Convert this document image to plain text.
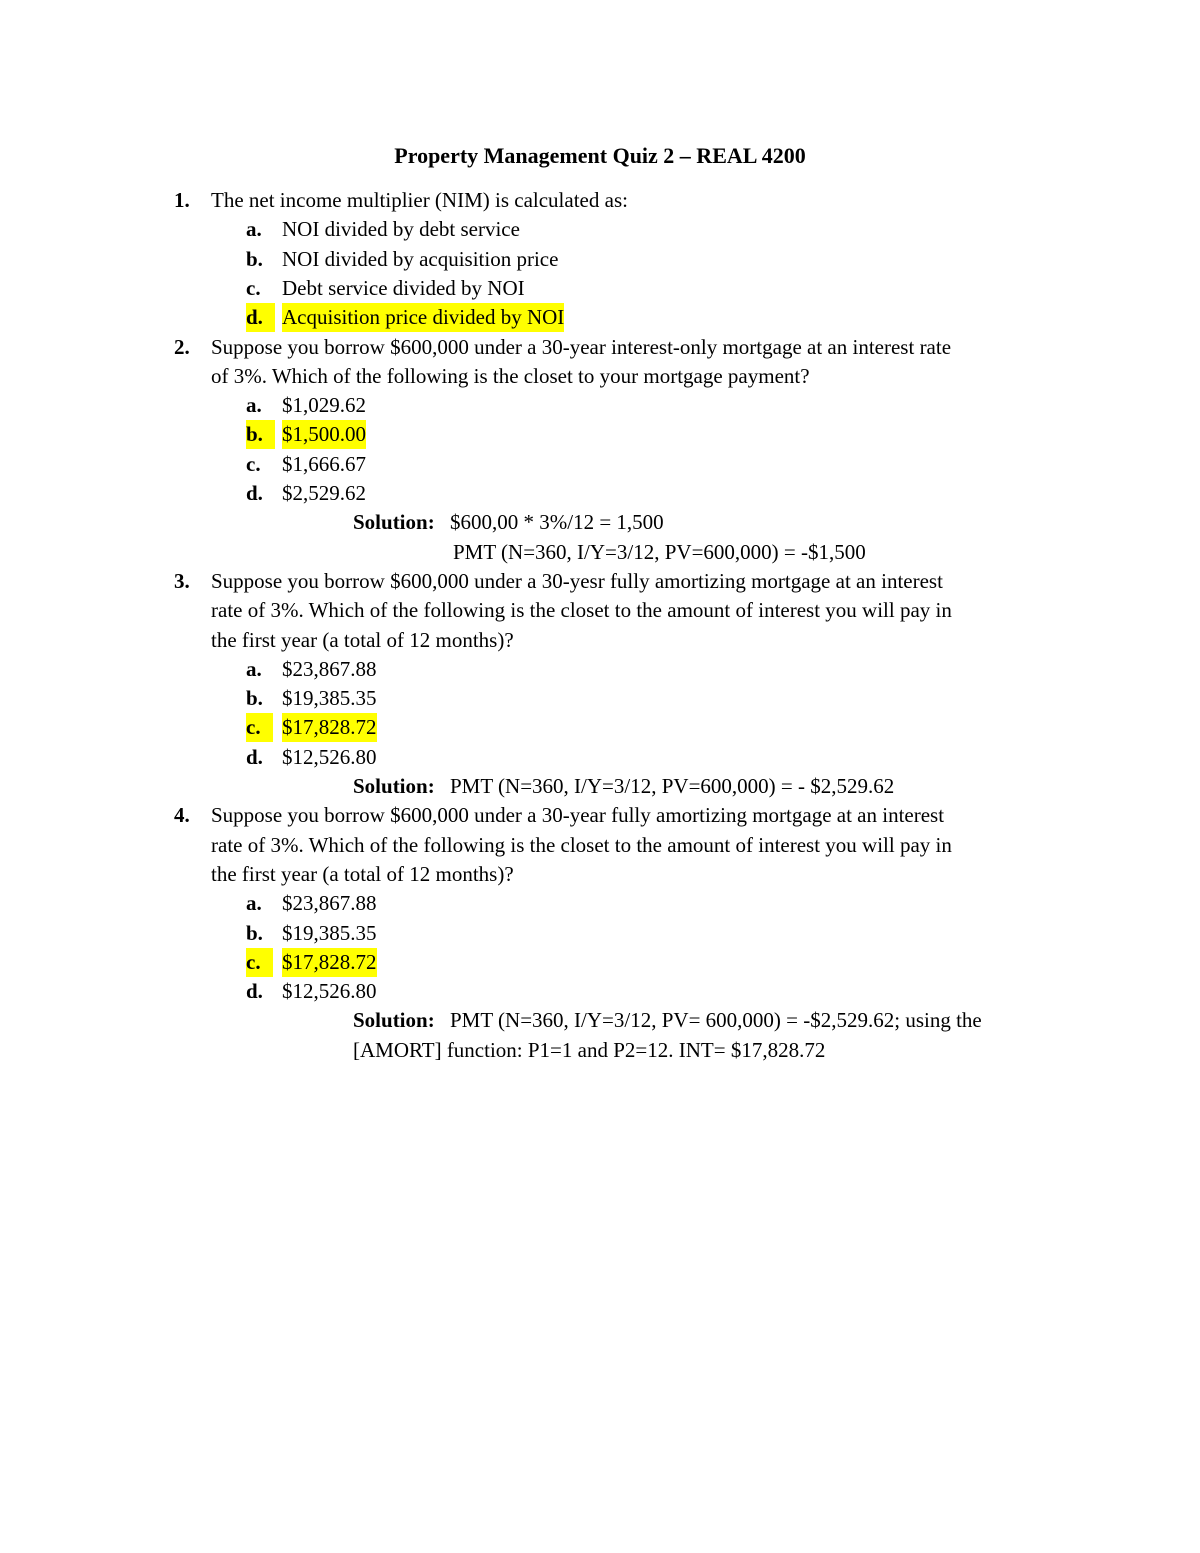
Property Management Quiz 2 – REAL 4200
1. The net income multiplier (NIM) is calculated as:
a. NOI divided by debt service
b. NOI divided by acquisition price
c. Debt service divided by NOI
d. Acquisition price divided by NOI
2. Suppose you borrow $600,000 under a 30-year interest-only mortgage at an interest rate
of 3%. Which of the following is the closet to your mortgage payment?
a. $1,029.62
b. $1,500.00
c. $1,666.67
d. $2,529.62
Solution: $600,00 * 3%/12 = 1,500
PMT (N=360, I/Y=3/12, PV=600,000) = -$1,500
3. Suppose you borrow $600,000 under a 30-yesr fully amortizing mortgage at an interest
rate of 3%. Which of the following is the closet to the amount of interest you will pay in
the first year (a total of 12 months)?
a. $23,867.88
b. $19,385.35
c.	$17,828.72
d. $12,526.80
Solution: PMT (N=360, I/Y=3/12, PV=600,000) = - $2,529.62
4. Suppose you borrow $600,000 under a 30-year fully amortizing mortgage at an interest
rate of 3%. Which of the following is the closet to the amount of interest you will pay in
the first year (a total of 12 months)?
a. $23,867.88
b. $19,385.35
c.	$17,828.72
d. $12,526.80
Solution: PMT (N=360, I/Y=3/12, PV= 600,000) = -$2,529.62; using the
[AMORT] function: P1=1 and P2=12. INT= $17,828.72
